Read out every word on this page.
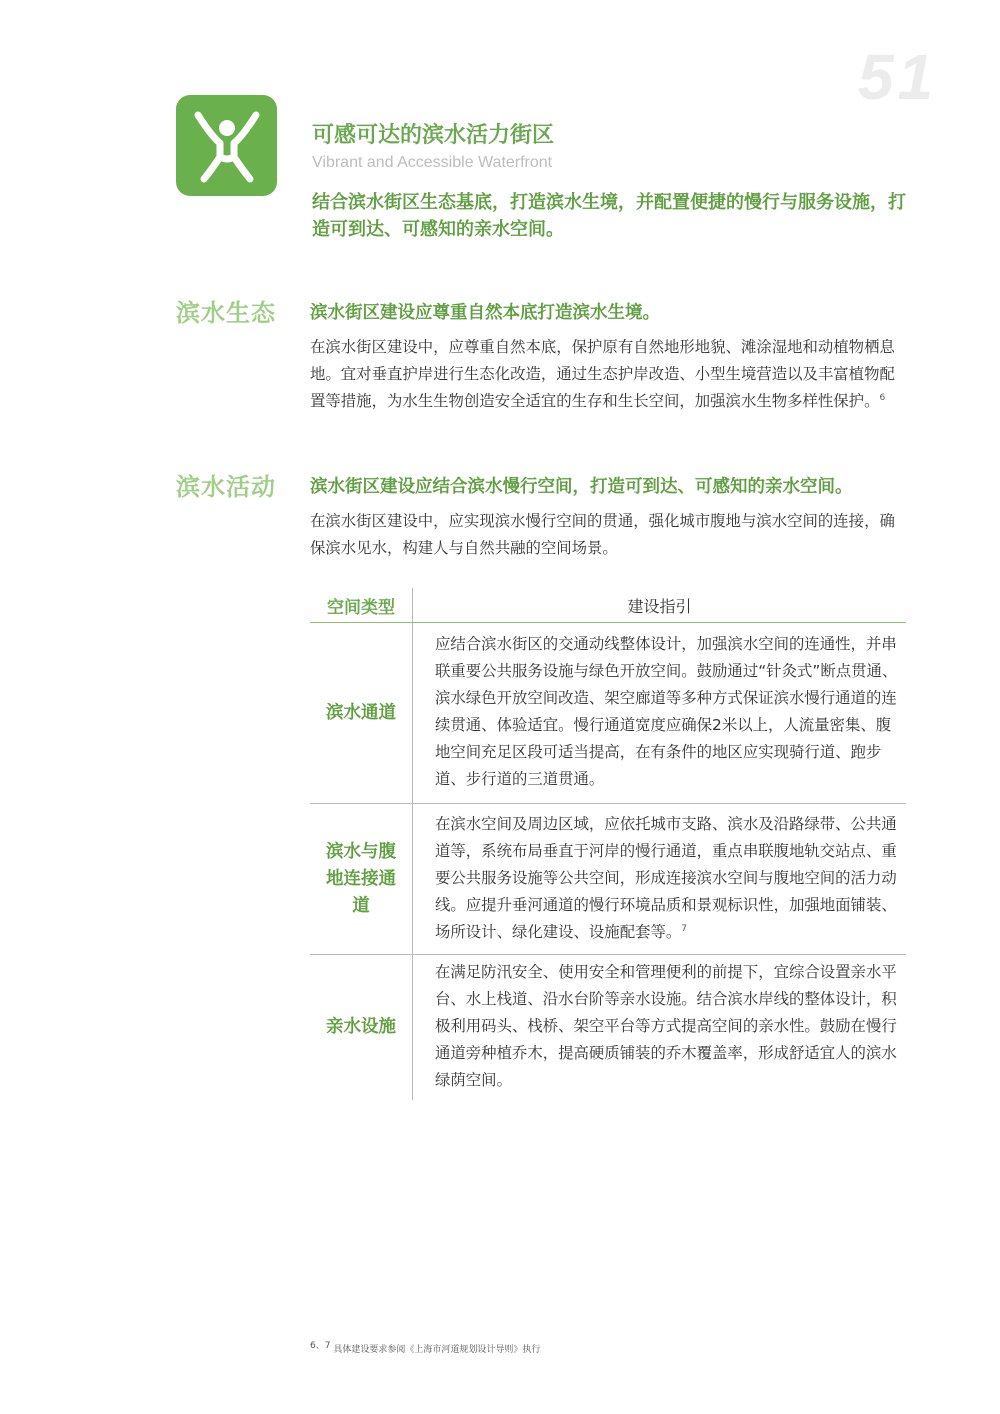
51
可感可达的滨水活力街区
Vibrant and Accessible Waterfront
结合滨水街区生态基底，打造滨水生境，并配置便捷的慢行与服务设施，打造可到达、可感知的亲水空间。
滨水生态 滨水街区建设应尊重自然本底打造滨水生境。
在滨水街区建设中，应尊重自然本底，保护原有自然地形地貌、滩涂湿地和动植物栖息地。宜对垂直护岸进行生态化改造，通过生态护岸改造、小型生境营造以及丰富植物配置等措施，为水生生物创造安全适宜的生存和生长空间，加强滨水生物多样性保护。$^6$
滨水活动 滨水街区建设应结合滨水慢行空间，打造可到达、可感知的亲水空间。
在滨水街区建设中，应实现滨水慢行空间的贯通，强化城市腹地与滨水空间的连接，确保滨水见水，构建人与自然共融的空间场景。
空间类型	建设指引
滨水通道	应结合滨水街区的交通动线整体设计，加强滨水空间的连通性，并串联重要公共服务设施与绿色开放空间。鼓励通过“针灸式”断点贯通、滨水绿色开放空间改造、架空廊道等多种方式保证滨水慢行通道的连续贯通、体验适宜。慢行通道宽度应确保2米以上，人流量密集、腹地空间充足区段可适当提高，在有条件的地区应实现骑行道、跑步道、步行道的三道贯通。
滨水与腹地连接通道	在滨水空间及周边区域，应依托城市支路、滨水及沿路绿带、公共通道等，系统布局垂直于河岸的慢行通道，重点串联腹地轨交站点、重要公共服务设施等公共空间，形成连接滨水空间与腹地空间的活力动线。应提升垂河通道的慢行环境品质和景观标识性，加强地面铺装、场所设计、绿化建设、设施配套等。$^7$
亲水设施	在满足防汛安全、使用安全和管理便利的前提下，宜综合设置亲水平台、水上栈道、沿水台阶等亲水设施。结合滨水岸线的整体设计，积极利用码头、栈桥、架空平台等方式提高空间的亲水性。鼓励在慢行通道旁种植乔木，提高硬质铺装的乔木覆盖率，形成舒适宜人的滨水绿荫空间。
$^{6、7}$ 具体建设要求参阅《上海市河道规划设计导则》执行
